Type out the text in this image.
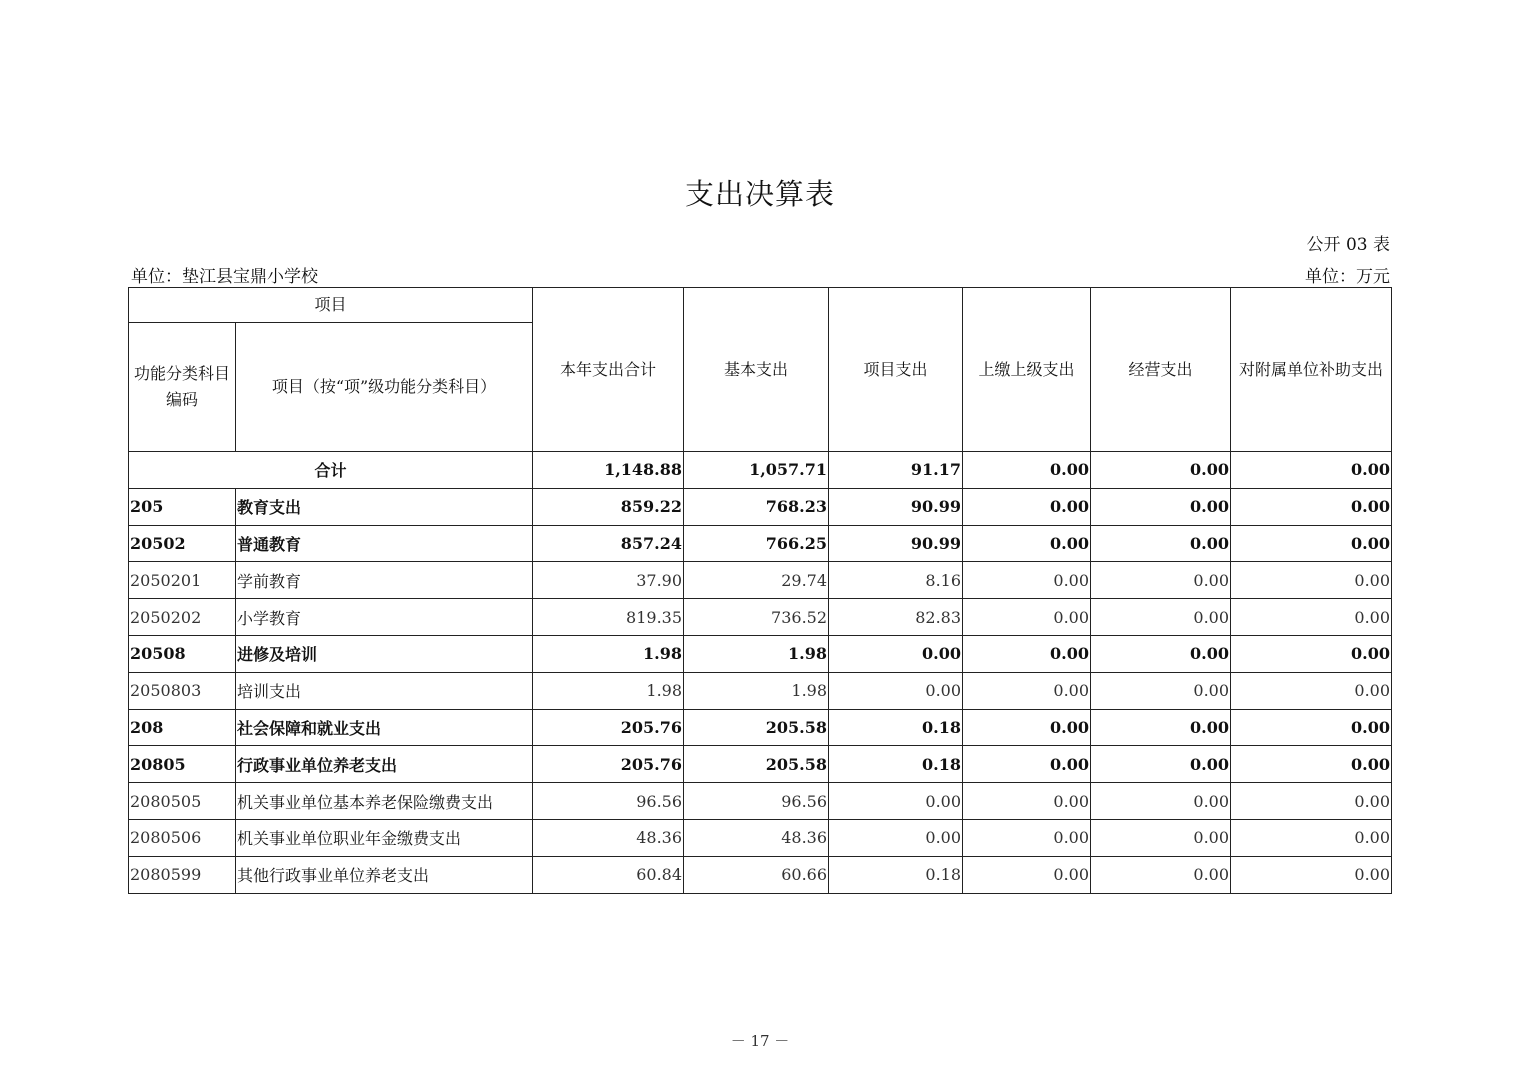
支出决算表
公开 03 表
单位：垫江县宝鼎小学校	单位：万元
项目		本年支出合计	基本支出	项目支出	上缴上级支出	经营支出	对附属单位补助支出
功能分类科目编码	项目（按“项”级功能分类科目）						
合计		1,148.88	1,057.71	91.17	0.00	0.00	0.00
205	教育支出	859.22	768.23	90.99	0.00	0.00	0.00
20502	普通教育	857.24	766.25	90.99	0.00	0.00	0.00
2050201	学前教育	37.90	29.74	8.16	0.00	0.00	0.00
2050202	小学教育	819.35	736.52	82.83	0.00	0.00	0.00
20508	进修及培训	1.98	1.98	0.00	0.00	0.00	0.00
2050803	培训支出	1.98	1.98	0.00	0.00	0.00	0.00
208	社会保障和就业支出	205.76	205.58	0.18	0.00	0.00	0.00
20805	行政事业单位养老支出	205.76	205.58	0.18	0.00	0.00	0.00
2080505	机关事业单位基本养老保险缴费支出	96.56	96.56	0.00	0.00	0.00	0.00
2080506	机关事业单位职业年金缴费支出	48.36	48.36	0.00	0.00	0.00	0.00
2080599	其他行政事业单位养老支出	60.84	60.66	0.18	0.00	0.00	0.00
－ 17 －
